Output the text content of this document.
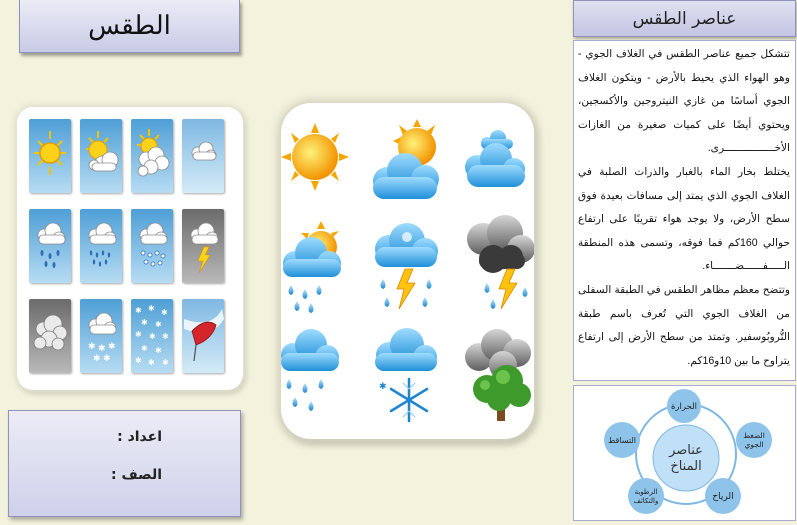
الطقس
✱ ✱ ✱
✱ ✱
✱ ✱ ✱
✱ ✱
✱ ✱ ✱
✱ ✱
✱ ✱ ✱
اعداد :
الصف :
✱
عناصر الطقس

تتشكل جميع عناصر الطقس في الغلاف الجوي - وهو الهواء الذي يحيط بالأرض - ويتكون الغلاف الجوي أساسًا من غازي النيتروجين والأكسجين، ويحتوي أيضًا على كميات صغيرة من الغازات الأخــــــــــــــــرى.

يختلط بخار الماء بالغبار والذرات الصلبة في الغلاف الجوي الذي يمتد إلى مسافات بعيدة فوق سطح الأرض، ولا يوجد هواء تقريبًا على ارتفاع حوالي 160كم فما فوقه، وتسمى هذه المنطقة الـــــفــــــضـــــــاء.

وتتضح معظم مظاهر الطقس في الطبقة السفلى من الغلاف الجوي التي تُعرف باسم طبقة التُّروبُوسفير. وتمتد من سطح الأرض إلى ارتفاع يتراوح ما بين 10و16كم.

عناصر
المناخ
الحرارة
الضغط
الجوي
الرياح
الرطوبة
والتكاثف
التساقط
